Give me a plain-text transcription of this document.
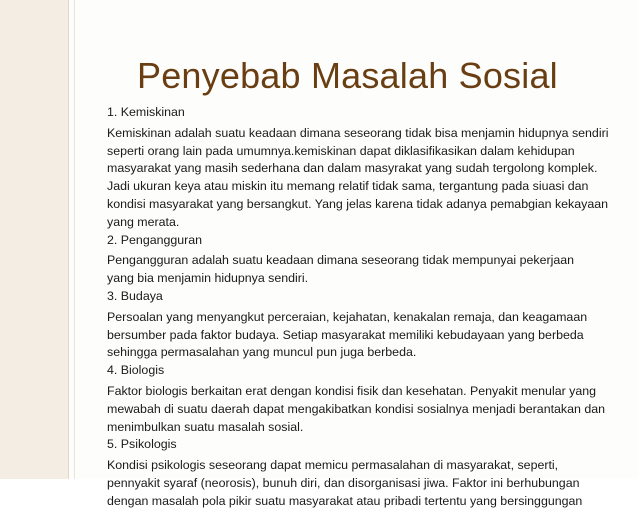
Penyebab Masalah Sosial
1. Kemiskinan
Kemiskinan adalah suatu keadaan dimana seseorang tidak bisa menjamin hidupnya sendiri
seperti orang lain pada umumnya.kemiskinan dapat diklasifikasikan dalam kehidupan
masyarakat yang masih sederhana dan dalam masyrakat yang sudah tergolong komplek.
Jadi ukuran keya atau miskin itu memang relatif tidak sama, tergantung pada siuasi dan
kondisi masyarakat yang bersangkut. Yang jelas karena tidak adanya pemabgian kekayaan
yang merata.
2. Pengangguran
Pengangguran adalah suatu keadaan dimana seseorang tidak mempunyai pekerjaan
yang bia menjamin hidupnya sendiri.
3. Budaya
Persoalan yang menyangkut perceraian, kejahatan, kenakalan remaja, dan keagamaan
bersumber pada faktor budaya. Setiap masyarakat memiliki kebudayaan yang berbeda
sehingga permasalahan yang muncul pun juga berbeda.
4. Biologis
Faktor biologis berkaitan erat dengan kondisi fisik dan kesehatan. Penyakit menular yang
mewabah di suatu daerah dapat mengakibatkan kondisi sosialnya menjadi berantakan dan
menimbulkan suatu masalah sosial.
5. Psikologis
Kondisi psikologis seseorang dapat memicu permasalahan di masyarakat, seperti,
pennyakit syaraf (neorosis), bunuh diri, dan disorganisasi jiwa. Faktor ini berhubungan
dengan masalah pola pikir suatu masyarakat atau pribadi tertentu yang bersinggungan
